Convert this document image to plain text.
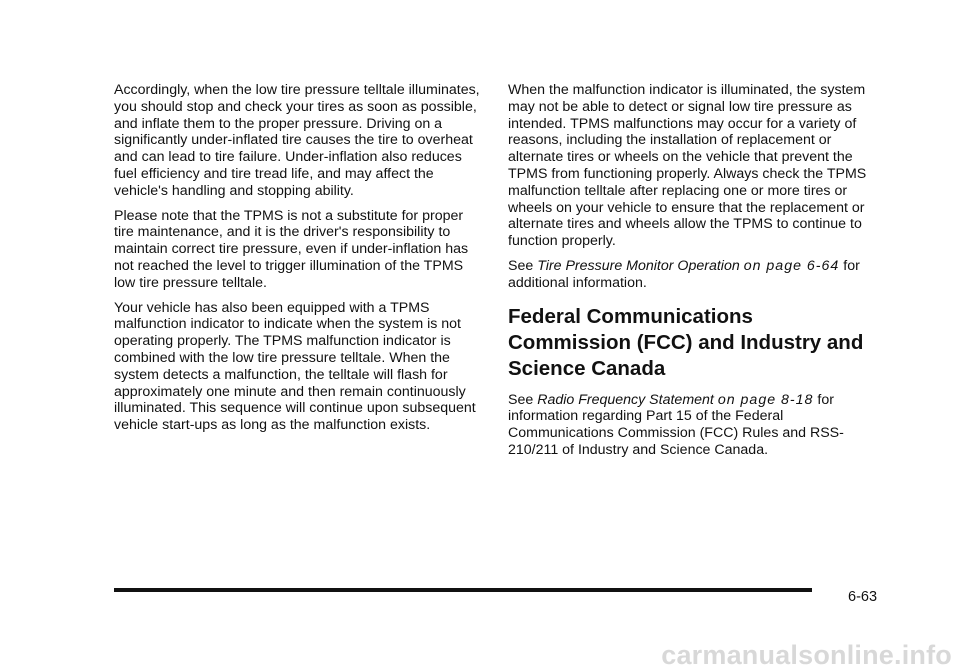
Accordingly, when the low tire pressure telltale illuminates, you should stop and check your tires as soon as possible, and inflate them to the proper pressure. Driving on a significantly under-inflated tire causes the tire to overheat and can lead to tire failure. Under-inflation also reduces fuel efficiency and tire tread life, and may affect the vehicle's handling and stopping ability.

Please note that the TPMS is not a substitute for proper tire maintenance, and it is the driver's responsibility to maintain correct tire pressure, even if under-inflation has not reached the level to trigger illumination of the TPMS low tire pressure telltale.

Your vehicle has also been equipped with a TPMS malfunction indicator to indicate when the system is not operating properly. The TPMS malfunction indicator is combined with the low tire pressure telltale. When the system detects a malfunction, the telltale will flash for approximately one minute and then remain continuously illuminated. This sequence will continue upon subsequent vehicle start-ups as long as the malfunction exists.

When the malfunction indicator is illuminated, the system may not be able to detect or signal low tire pressure as intended. TPMS malfunctions may occur for a variety of reasons, including the installation of replacement or alternate tires or wheels on the vehicle that prevent the TPMS from functioning properly. Always check the TPMS malfunction telltale after replacing one or more tires or wheels on your vehicle to ensure that the replacement or alternate tires and wheels allow the TPMS to continue to function properly.

See Tire Pressure Monitor Operation on page 6-64 for additional information.

Federal Communications Commission (FCC) and Industry and Science Canada

See Radio Frequency Statement on page 8-18 for information regarding Part 15 of the Federal Communications Commission (FCC) Rules and RSS-210/211 of Industry and Science Canada.

6-63
carmanualsonline.info
